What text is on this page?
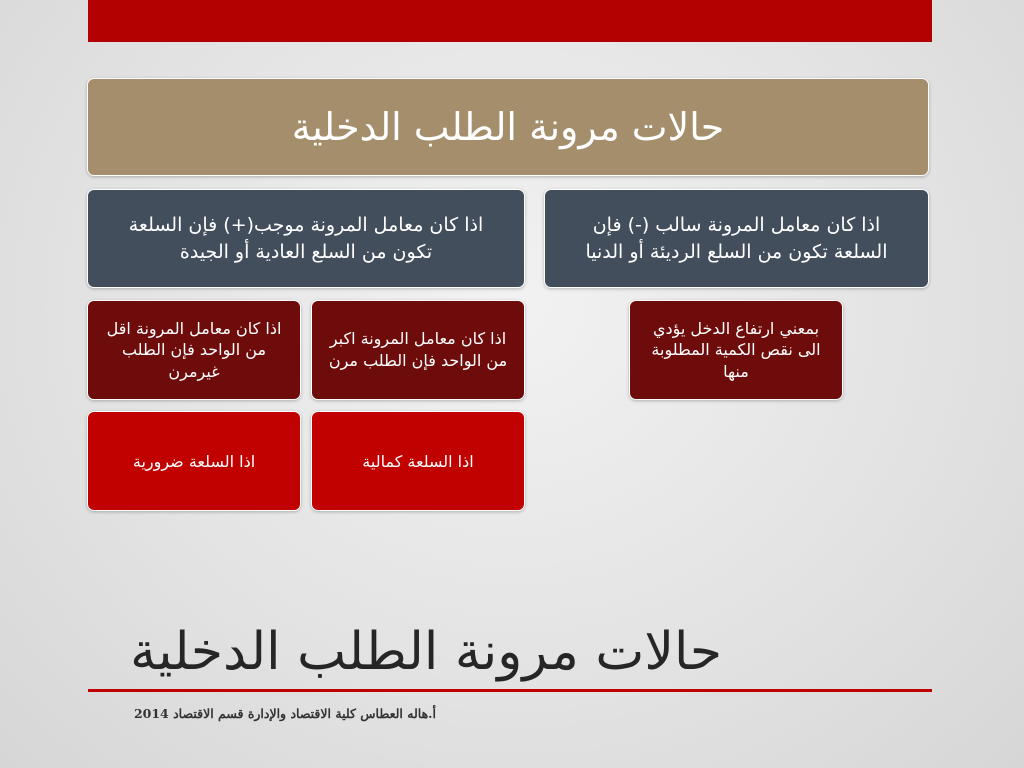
حالات مرونة الطلب الدخلية
اذا كان معامل المرونة موجب(+) فإن السلعة تكون من السلع العادية أو الجيدة
اذا كان معامل المرونة سالب (-) فإن السلعة تكون من السلع الرديئة أو الدنيا
اذا كان معامل المرونة اقل من الواحد فإن الطلب غيرمرن
اذا كان معامل المرونة اكبر من الواحد فإن الطلب مرن
بمعني ارتفاع الدخل يؤدي الى نقص الكمية المطلوبة منها
اذا السلعة ضرورية	اذا السلعة كمالية
حالات مرونة الطلب الدخلية
أ.هاله العطاس كلية الاقتصاد والإدارة قسم الاقتصاد 2014
